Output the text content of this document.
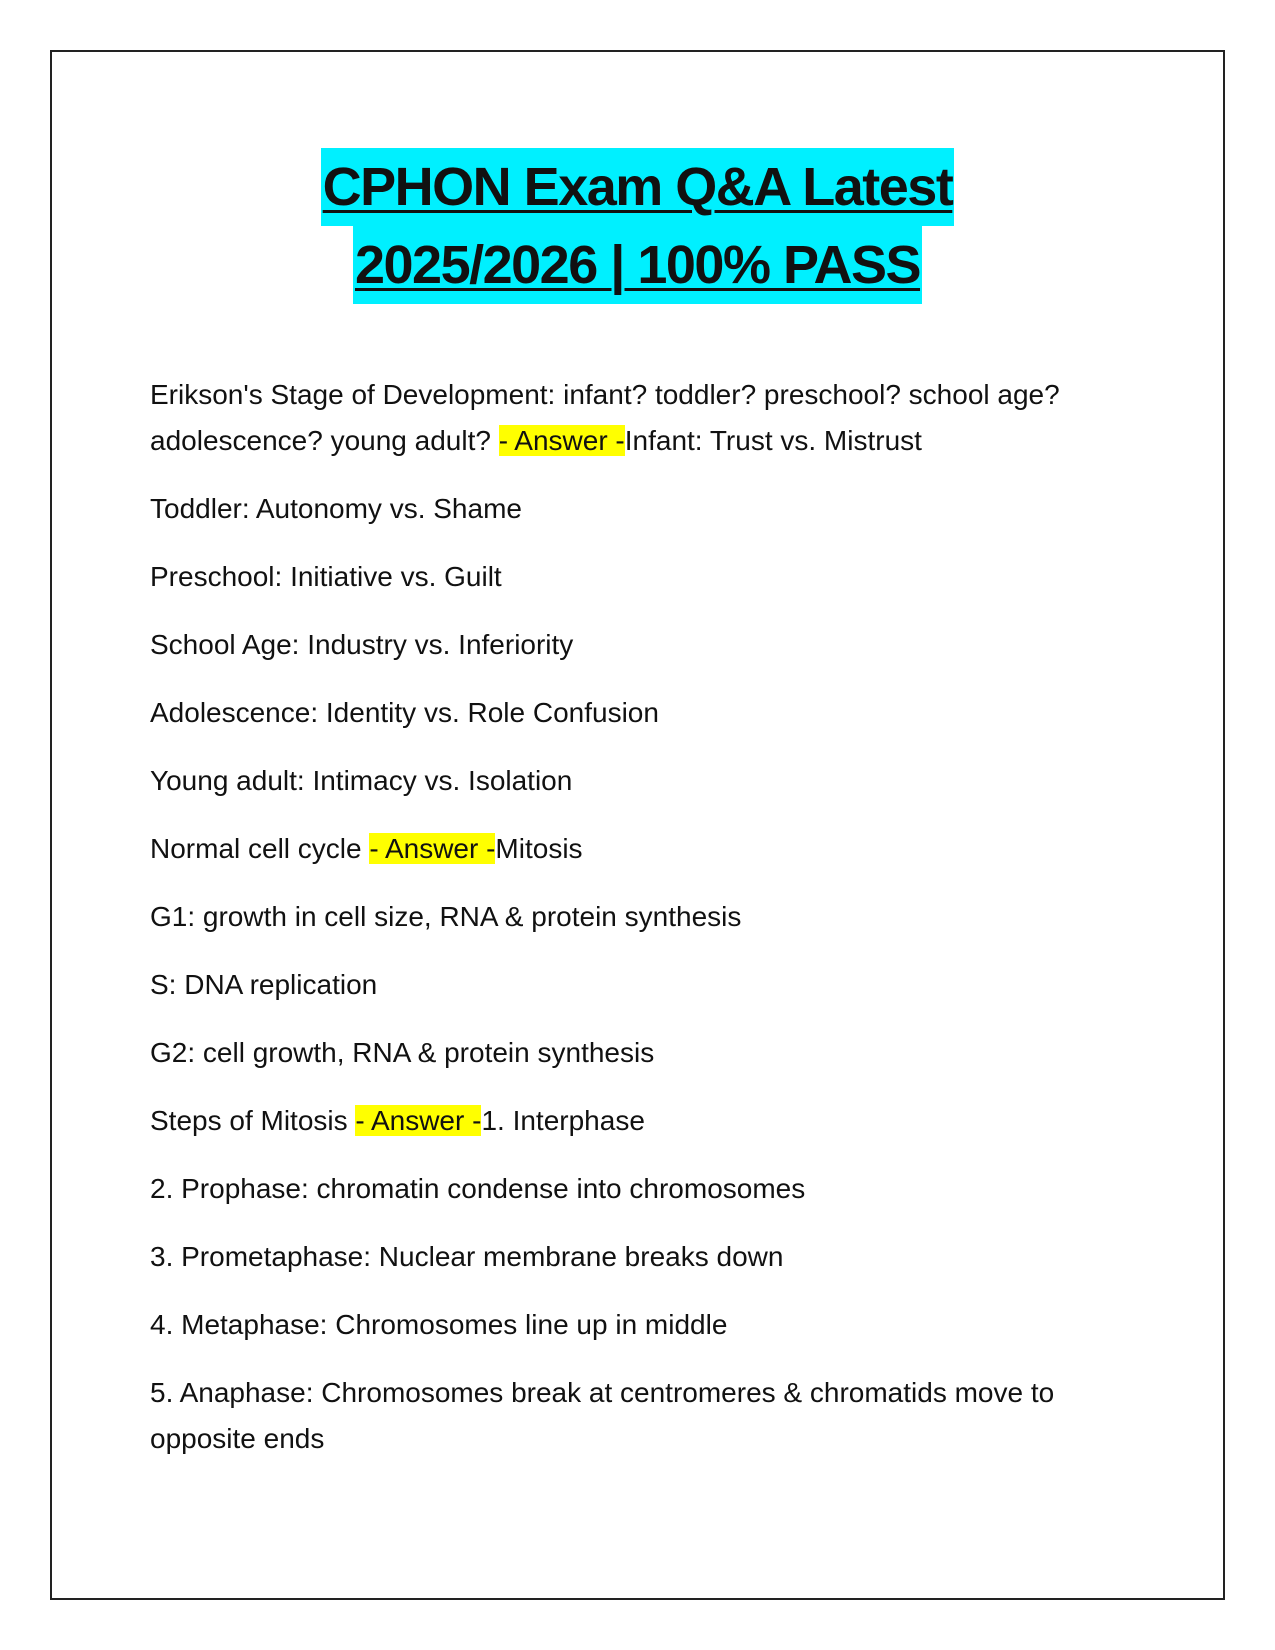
CPHON Exam Q&A Latest
2025/2026 | 100% PASS

Erikson's Stage of Development: infant? toddler? preschool? school age? adolescence? young adult? - Answer -Infant: Trust vs. Mistrust

Toddler: Autonomy vs. Shame

Preschool: Initiative vs. Guilt

School Age: Industry vs. Inferiority

Adolescence: Identity vs. Role Confusion

Young adult: Intimacy vs. Isolation

Normal cell cycle - Answer -Mitosis

G1: growth in cell size, RNA & protein synthesis

S: DNA replication

G2: cell growth, RNA & protein synthesis

Steps of Mitosis - Answer -1. Interphase

2. Prophase: chromatin condense into chromosomes

3. Prometaphase: Nuclear membrane breaks down

4. Metaphase: Chromosomes line up in middle

5. Anaphase: Chromosomes break at centromeres & chromatids move to opposite ends
